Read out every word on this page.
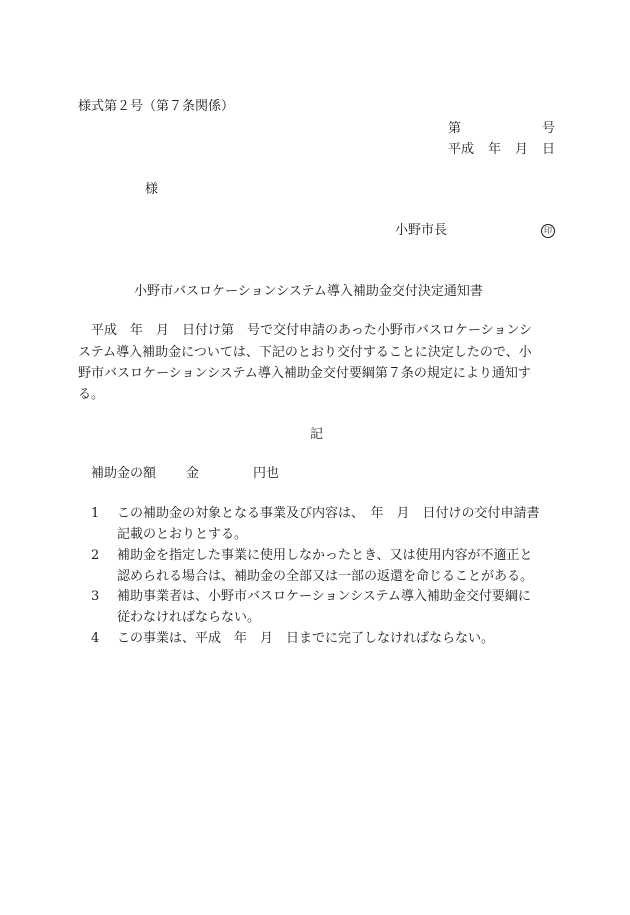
様式第２号（第７条関係）
第	号
平成 年 月 日
様
小野市長	印
小野市バスロケーションシステム導入補助金交付決定通知書
　平成　年　月　日付け第　号で交付申請のあった小野市バスロケーションシ
ステム導入補助金については、下記のとおり交付することに決定したので、小
野市バスロケーションシステム導入補助金交付要綱第７条の規定により通知す
る。
記
補助金の額 金	円也
1 この補助金の対象となる事業及び内容は、　年　月　日付けの交付申請書
記載のとおりとする。
2 補助金を指定した事業に使用しなかったとき、又は使用内容が不適正と
認められる場合は、補助金の全部又は一部の返還を命じることがある。
3 補助事業者は、小野市バスロケーションシステム導入補助金交付要綱に
従わなければならない。
4 この事業は、平成　年　月　日までに完了しなければならない。
